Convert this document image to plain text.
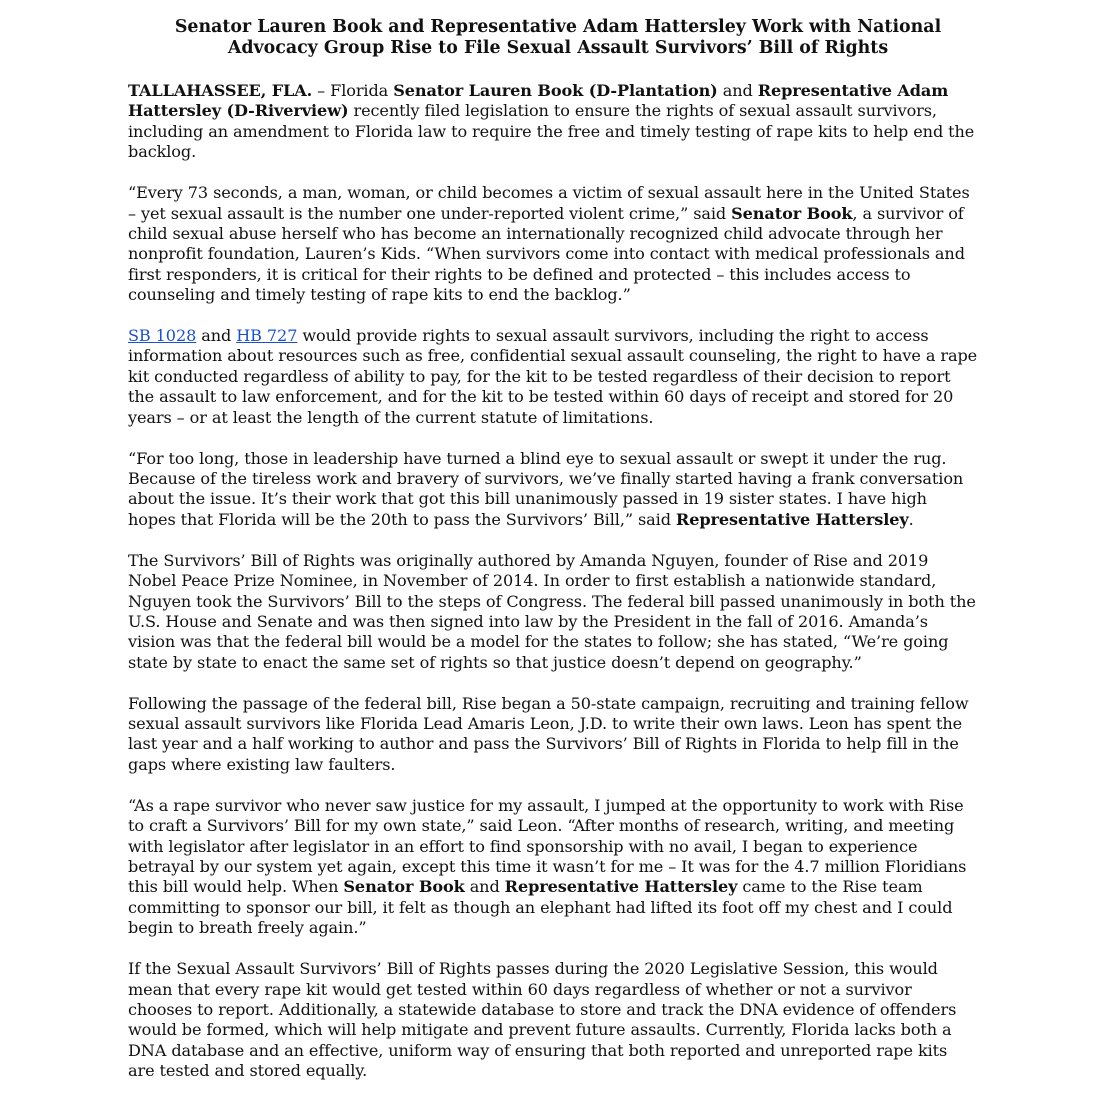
Senator Lauren Book and Representative Adam Hattersley Work with National Advocacy Group Rise to File Sexual Assault Survivors’ Bill of Rights

TALLAHASSEE, FLA. – Florida Senator Lauren Book (D-Plantation) and Representative Adam Hattersley (D-Riverview) recently filed legislation to ensure the rights of sexual assault survivors, including an amendment to Florida law to require the free and timely testing of rape kits to help end the backlog.

“Every 73 seconds, a man, woman, or child becomes a victim of sexual assault here in the United States – yet sexual assault is the number one under-reported violent crime,” said Senator Book, a survivor of child sexual abuse herself who has become an internationally recognized child advocate through her nonprofit foundation, Lauren’s Kids. “When survivors come into contact with medical professionals and first responders, it is critical for their rights to be defined and protected – this includes access to counseling and timely testing of rape kits to end the backlog.”

SB 1028 and HB 727 would provide rights to sexual assault survivors, including the right to access information about resources such as free, confidential sexual assault counseling, the right to have a rape kit conducted regardless of ability to pay, for the kit to be tested regardless of their decision to report the assault to law enforcement, and for the kit to be tested within 60 days of receipt and stored for 20 years – or at least the length of the current statute of limitations.

“For too long, those in leadership have turned a blind eye to sexual assault or swept it under the rug. Because of the tireless work and bravery of survivors, we’ve finally started having a frank conversation about the issue. It’s their work that got this bill unanimously passed in 19 sister states. I have high hopes that Florida will be the 20th to pass the Survivors’ Bill,” said Representative Hattersley.

The Survivors’ Bill of Rights was originally authored by Amanda Nguyen, founder of Rise and 2019 Nobel Peace Prize Nominee, in November of 2014. In order to first establish a nationwide standard, Nguyen took the Survivors’ Bill to the steps of Congress. The federal bill passed unanimously in both the U.S. House and Senate and was then signed into law by the President in the fall of 2016. Amanda’s vision was that the federal bill would be a model for the states to follow; she has stated, “We’re going state by state to enact the same set of rights so that justice doesn’t depend on geography.”

Following the passage of the federal bill, Rise began a 50-state campaign, recruiting and training fellow sexual assault survivors like Florida Lead Amaris Leon, J.D. to write their own laws. Leon has spent the last year and a half working to author and pass the Survivors’ Bill of Rights in Florida to help fill in the gaps where existing law faulters.

“As a rape survivor who never saw justice for my assault, I jumped at the opportunity to work with Rise to craft a Survivors’ Bill for my own state,” said Leon. “After months of research, writing, and meeting with legislator after legislator in an effort to find sponsorship with no avail, I began to experience betrayal by our system yet again, except this time it wasn’t for me – It was for the 4.7 million Floridians this bill would help. When Senator Book and Representative Hattersley came to the Rise team committing to sponsor our bill, it felt as though an elephant had lifted its foot off my chest and I could begin to breath freely again.”

If the Sexual Assault Survivors’ Bill of Rights passes during the 2020 Legislative Session, this would mean that every rape kit would get tested within 60 days regardless of whether or not a survivor chooses to report. Additionally, a statewide database to store and track the DNA evidence of offenders would be formed, which will help mitigate and prevent future assaults. Currently, Florida lacks both a DNA database and an effective, uniform way of ensuring that both reported and unreported rape kits are tested and stored equally.
